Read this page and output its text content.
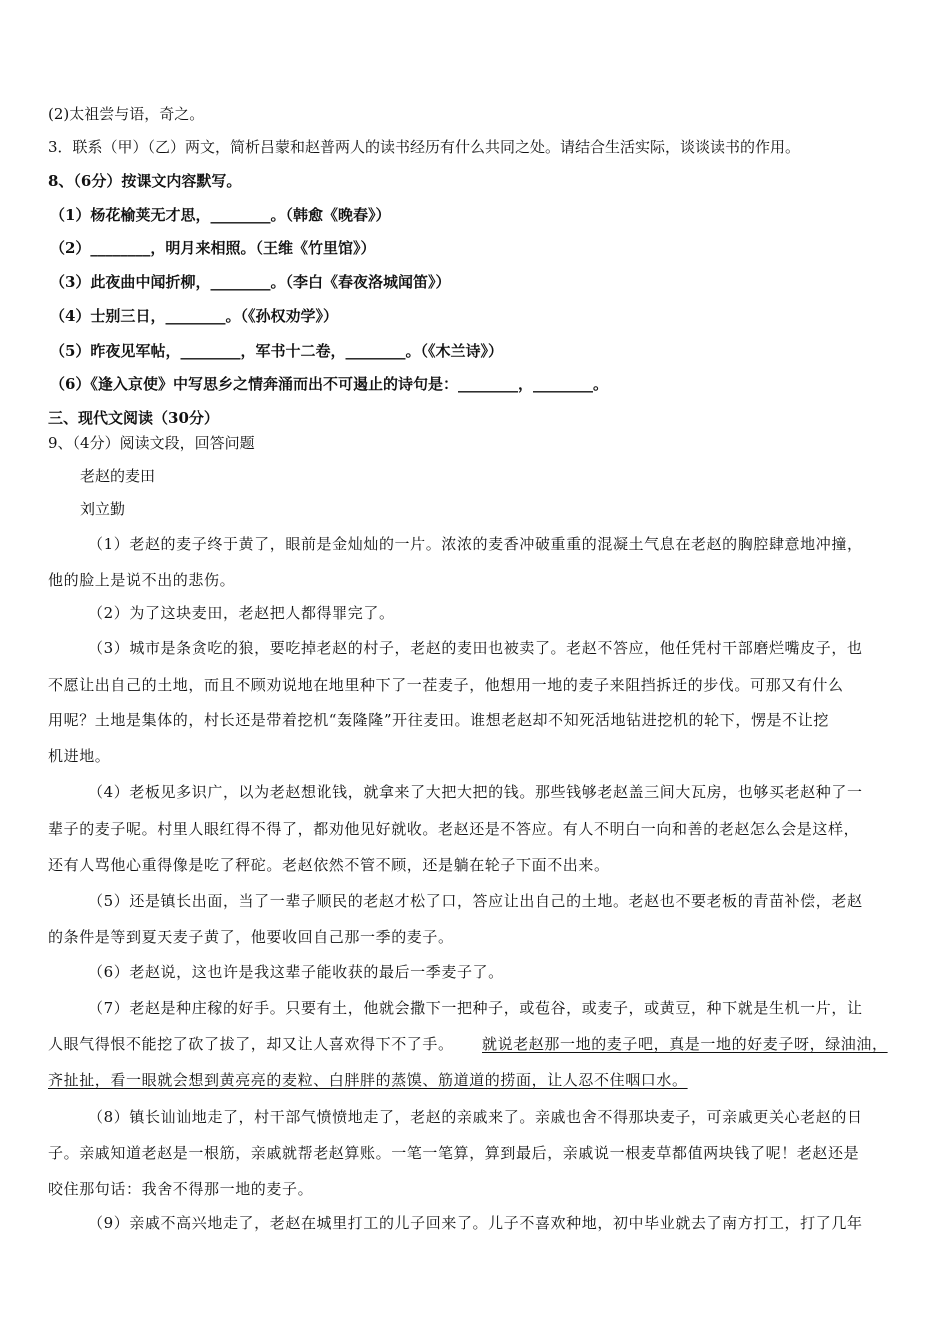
(2)太祖尝与语，奇之。
3．联系（甲）（乙）两文，简析吕蒙和赵普两人的读书经历有什么共同之处。请结合生活实际，谈谈读书的作用。
8、（6分）按课文内容默写。
（1）杨花榆荚无才思，________。（韩愈《晚春》）
（2）________，明月来相照。（王维《竹里馆》）
（3）此夜曲中闻折柳，________。（李白《春夜洛城闻笛》）
（4）士别三日，________。（《孙权劝学》）
（5）昨夜见军帖，________，军书十二卷，________。（《木兰诗》）
（6）《逢入京使》中写思乡之情奔涌而出不可遏止的诗句是：________，________。
三、现代文阅读（30分）
9、（4分）阅读文段，回答问题
老赵的麦田
刘立勤
（1）老赵的麦子终于黄了，眼前是金灿灿的一片。浓浓的麦香冲破重重的混凝土气息在老赵的胸腔肆意地冲撞，
他的脸上是说不出的悲伤。
（2）为了这块麦田，老赵把人都得罪完了。
（3）城市是条贪吃的狼，要吃掉老赵的村子，老赵的麦田也被卖了。老赵不答应，他任凭村干部磨烂嘴皮子，也
不愿让出自己的土地，而且不顾劝说地在地里种下了一茬麦子，他想用一地的麦子来阻挡拆迁的步伐。可那又有什么
用呢？土地是集体的，村长还是带着挖机“轰隆隆”开往麦田。谁想老赵却不知死活地钻进挖机的轮下，愣是不让挖
机进地。
（4）老板见多识广，以为老赵想讹钱，就拿来了大把大把的钱。那些钱够老赵盖三间大瓦房，也够买老赵种了一
辈子的麦子呢。村里人眼红得不得了，都劝他见好就收。老赵还是不答应。有人不明白一向和善的老赵怎么会是这样，
还有人骂他心重得像是吃了秤砣。老赵依然不管不顾，还是躺在轮子下面不出来。
（5）还是镇长出面，当了一辈子顺民的老赵才松了口，答应让出自己的土地。老赵也不要老板的青苗补偿，老赵
的条件是等到夏天麦子黄了，他要收回自己那一季的麦子。
（6）老赵说，这也许是我这辈子能收获的最后一季麦子了。
（7）老赵是种庄稼的好手。只要有土，他就会撒下一把种子，或苞谷，或麦子，或黄豆，种下就是生机一片，让
人眼气得恨不能挖了砍了拔了，却又让人喜欢得下不了手。 就说老赵那一地的麦子吧，真是一地的好麦子呀，绿油油，
齐扯扯，看一眼就会想到黄亮亮的麦粒、白胖胖的蒸馍、筋道道的捞面，让人忍不住咽口水。
（8）镇长讪讪地走了，村干部气愤愤地走了，老赵的亲戚来了。亲戚也舍不得那块麦子，可亲戚更关心老赵的日
子。亲戚知道老赵是一根筋，亲戚就帮老赵算账。一笔一笔算，算到最后，亲戚说一根麦草都值两块钱了呢！老赵还是
咬住那句话：我舍不得那一地的麦子。
（9）亲戚不高兴地走了，老赵在城里打工的儿子回来了。儿子不喜欢种地，初中毕业就去了南方打工，打了几年
